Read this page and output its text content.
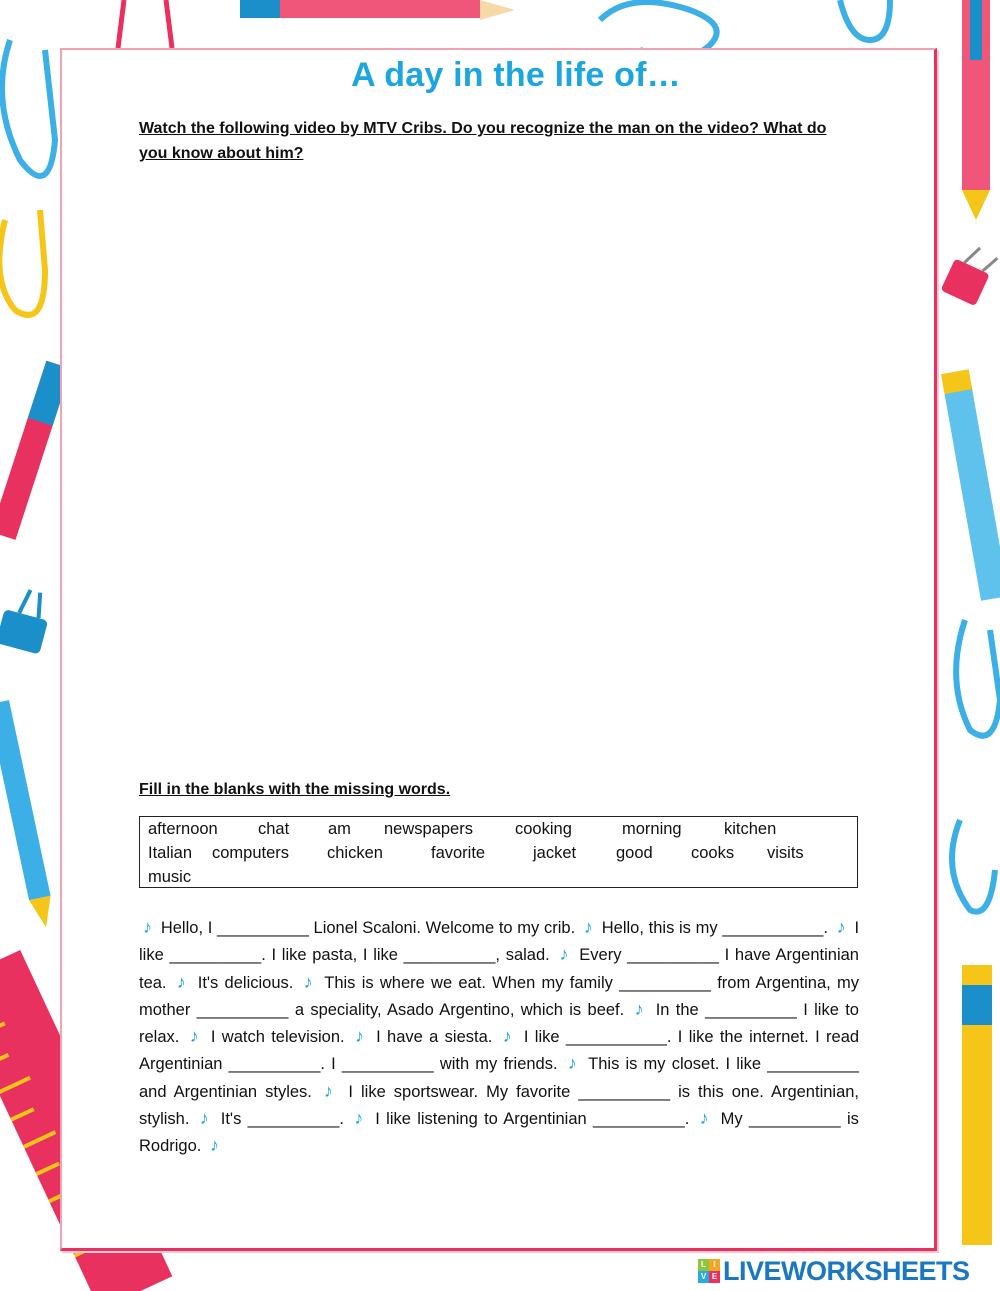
A day in the life of…
Watch the following video by MTV Cribs. Do you recognize the man on the video? What do you know about him?
Fill in the blanks with the missing words.
afternoon chat am newspapers	cooking	morning	kitchen
Italian computers chicken	favorite	jacket good cooks visits
music
♪ Hello, I __________ Lionel Scaloni. Welcome to my crib. ♪ Hello, this is my ___________. ♪ I like __________. I like pasta, I like __________, salad. ♪ Every __________ I have Argentinian tea. ♪ It's delicious. ♪ This is where we eat. When my family __________ from Argentina, my mother __________ a speciality, Asado Argentino, which is beef. ♪ In the __________ I like to relax. ♪ I watch television. ♪ I have a siesta. ♪ I like ___________. I like the internet. I read Argentinian __________. I __________ with my friends. ♪ This is my closet. I like __________ and Argentinian styles. ♪ I like sportswear. My favorite __________ is this one. Argentinian, stylish. ♪ It's __________. ♪ I like listening to Argentinian __________. ♪ My __________ is Rodrigo. ♪
L I
V E LIVEWORKSHEETS
